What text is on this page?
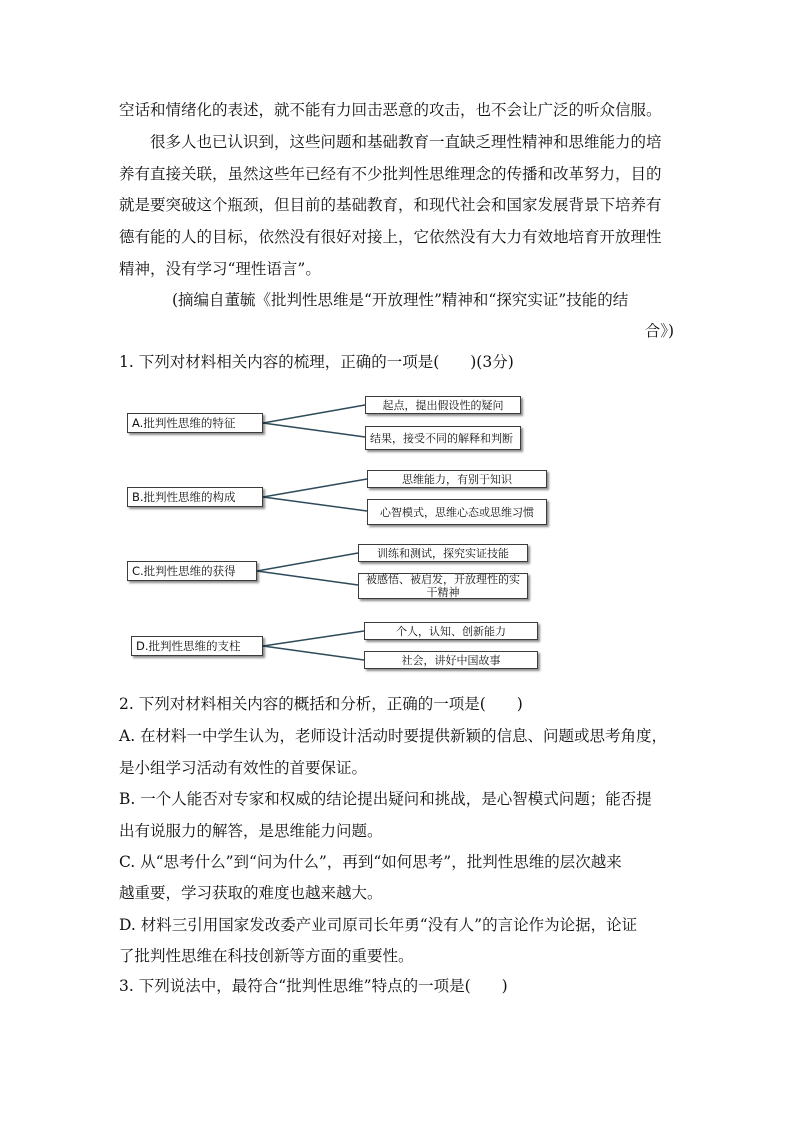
空话和情绪化的表述，就不能有力回击恶意的攻击，也不会让广泛的听众信服。
很多人也已认识到，这些问题和基础教育一直缺乏理性精神和思维能力的培
养有直接关联，虽然这些年已经有不少批判性思维理念的传播和改革努力，目的
就是要突破这个瓶颈，但目前的基础教育，和现代社会和国家发展背景下培养有
德有能的人的目标，依然没有很好对接上，它依然没有大力有效地培育开放理性
精神，没有学习“理性语言”。
(摘编自董毓《批判性思维是“开放理性”精神和“探究实证”技能的结
合》)
1. 下列对材料相关内容的梳理，正确的一项是(　　)(3分)
A.批判性思维的特征
起点，提出假设性的疑问
结果，接受不同的解释和判断
B.批判性思维的构成
思维能力，有别于知识
心智模式，思维心态或思维习惯
C.批判性思维的获得
训练和测试，探究实证技能
被感悟、被启发，开放理性的实干精神
D.批判性思维的支柱
个人，认知、创新能力
社会，讲好中国故事
2. 下列对材料相关内容的概括和分析，正确的一项是(　　)
A. 在材料一中学生认为，老师设计活动时要提供新颖的信息、问题或思考角度，
是小组学习活动有效性的首要保证。
B. 一个人能否对专家和权威的结论提出疑问和挑战，是心智模式问题；能否提
出有说服力的解答，是思维能力问题。
C. 从“思考什么”到“问为什么”，再到“如何思考”，批判性思维的层次越来
越重要，学习获取的难度也越来越大。
D. 材料三引用国家发改委产业司原司长年勇“没有人”的言论作为论据，论证
了批判性思维在科技创新等方面的重要性。
3. 下列说法中，最符合“批判性思维”特点的一项是(　　)
